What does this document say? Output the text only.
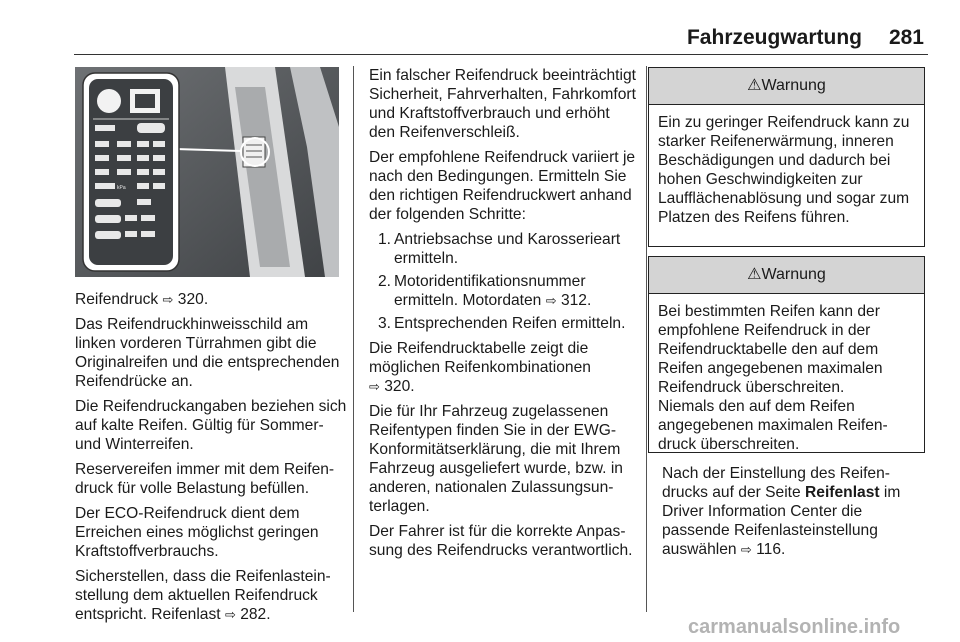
Fahrzeugwartung 281
kPa
kPa
kPa
kPa
kPa
kPa

Reifendruck ⇨ 320.

Das Reifendruckhinweisschild am linken vorderen Türrahmen gibt die Originalreifen und die entsprechenden Reifendrücke an.

Die Reifendruckangaben beziehen sich auf kalte Reifen. Gültig für Sommer- und Winterreifen.

Reservereifen immer mit dem Reifendruck für volle Belastung befüllen.

Der ECO-Reifendruck dient dem Erreichen eines möglichst geringen Kraftstoffverbrauchs.

Sicherstellen, dass die Reifenlasteinstellung dem aktuellen Reifendruck entspricht. Reifenlast ⇨ 282.

Ein falscher Reifendruck beeinträchtigt Sicherheit, Fahrverhalten, Fahrkomfort und Kraftstoffverbrauch und erhöht den Reifenverschleiß.

Der empfohlene Reifendruck variiert je nach den Bedingungen. Ermitteln Sie den richtigen Reifendruckwert anhand der folgenden Schritte:

1. Antriebsachse und Karosserieart ermitteln.
2. Motoridentifikationsnummer ermitteln. Motordaten ⇨ 312.
3. Entsprechenden Reifen ermitteln.

Die Reifendrucktabelle zeigt die möglichen Reifenkombinationen
⇨ 320.

Die für Ihr Fahrzeug zugelassenen Reifentypen finden Sie in der EWG-Konformitätserklärung, die mit Ihrem Fahrzeug ausgeliefert wurde, bzw. in anderen, nationalen Zulassungsunterlagen.

Der Fahrer ist für die korrekte Anpassung des Reifendrucks verantwortlich.

⚠Warnung
Ein zu geringer Reifendruck kann zu starker Reifenerwärmung, inneren Beschädigungen und dadurch bei hohen Geschwindigkeiten zur Laufflächenablösung und sogar zum Platzen des Reifens führen.
⚠Warnung
Bei bestimmten Reifen kann der empfohlene Reifendruck in der Reifendrucktabelle den auf dem Reifen angegebenen maximalen Reifendruck überschreiten.
Niemals den auf dem Reifen angegebenen maximalen Reifendruck überschreiten.

Nach der Einstellung des Reifendrucks auf der Seite Reifenlast im Driver Information Center die passende Reifenlasteinstellung auswählen ⇨ 116.

carmanualsonline.info
